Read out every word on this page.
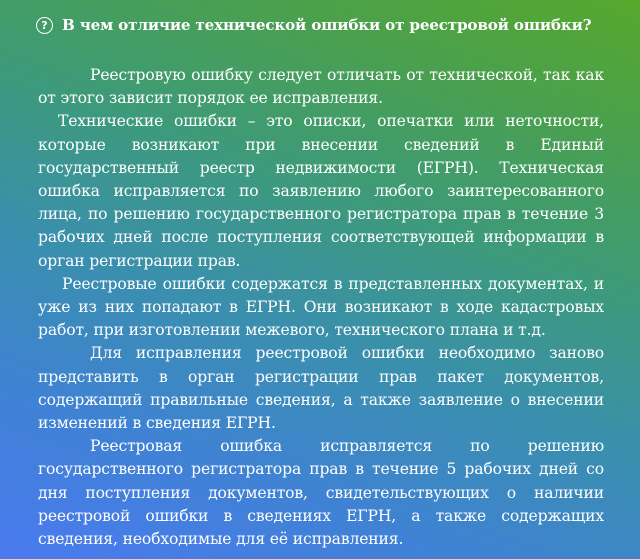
? В чем отличие технической ошибки от реестровой ошибки?

Реестровую ошибку следует отличать от технической, так как от этого зависит порядок ее исправления.

Технические ошибки – это описки, опечатки или неточности, которые возникают при внесении сведений в Единый государственный реестр недвижимости (ЕГРН). Техническая ошибка исправляется по заявлению любого заинтересованного лица, по решению государственного регистратора прав в течение 3 рабочих дней после поступления соответствующей информации в орган регистрации прав.

Реестровые ошибки содержатся в представленных документах, и уже из них попадают в ЕГРН. Они возникают в ходе кадастровых работ, при изготовлении межевого, технического плана и т.д.

Для исправления реестровой ошибки необходимо заново представить в орган регистрации прав пакет документов, содержащий правильные сведения, а также заявление о внесении изменений в сведения ЕГРН.

Реестровая ошибка исправляется по решению государственного регистратора прав в течение 5 рабочих дней со дня поступления документов, свидетельствующих о наличии реестровой ошибки в сведениях ЕГРН, а также содержащих сведения, необходимые для её исправления.
